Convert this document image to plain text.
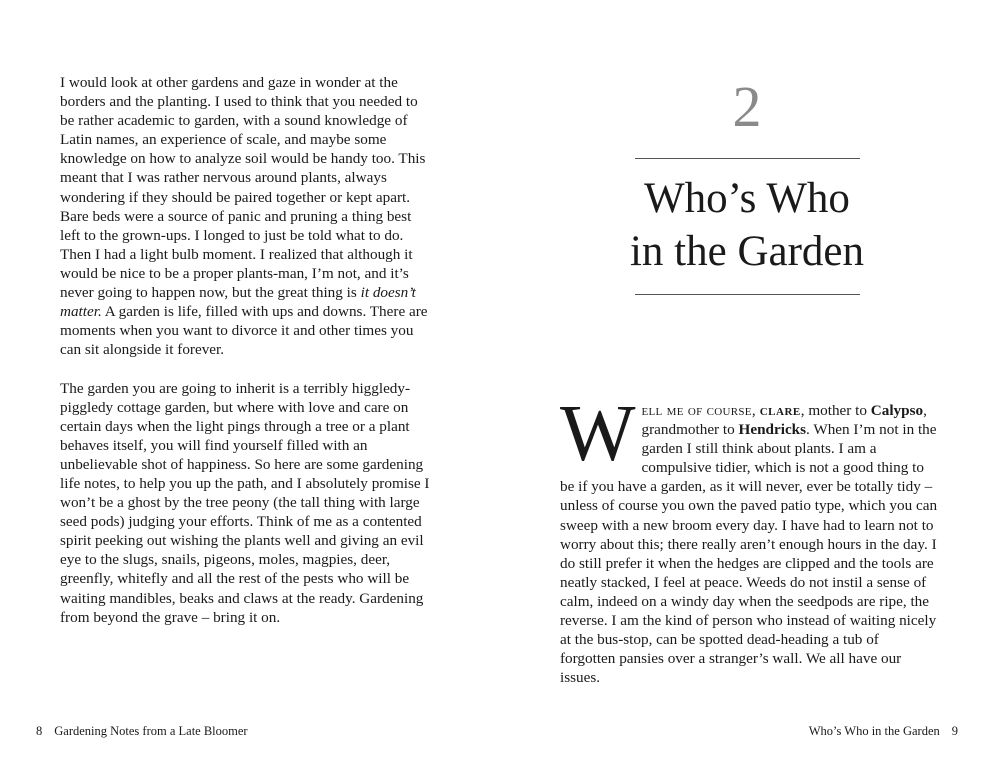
I would look at other gardens and gaze in wonder at the borders and the planting. I used to think that you needed to be rather academic to garden, with a sound knowledge of Latin names, an experience of scale, and maybe some knowledge on how to analyze soil would be handy too. This meant that I was rather nervous around plants, always wondering if they should be paired together or kept apart. Bare beds were a source of panic and pruning a thing best left to the grown-ups. I longed to just be told what to do. Then I had a light bulb moment. I realized that although it would be nice to be a proper plants-man, I’m not, and it’s never going to happen now, but the great thing is it doesn’t matter. A garden is life, filled with ups and downs. There are moments when you want to divorce it and other times you can sit alongside it forever.

The garden you are going to inherit is a terribly higgledy-piggledy cottage garden, but where with love and care on certain days when the light pings through a tree or a plant behaves itself, you will find yourself filled with an unbelievable shot of happiness. So here are some gardening life notes, to help you up the path, and I absolutely promise I won’t be a ghost by the tree peony (the tall thing with large seed pods) judging your efforts. Think of me as a contented spirit peeking out wishing the plants well and giving an evil eye to the slugs, snails, pigeons, moles, magpies, deer, greenfly, whitefly and all the rest of the pests who will be waiting mandibles, beaks and claws at the ready. Gardening from beyond the grave – bring it on.

8 Gardening Notes from a Late Bloomer
2
Who’s Who
in the Garden
Well me of course, clare, mother to Calypso, grandmother to Hendricks. When I’m not in the garden I still think about plants. I am a compulsive tidier, which is not a good thing to be if you have a garden, as it will never, ever be totally tidy – unless of course you own the paved patio type, which you can sweep with a new broom every day. I have had to learn not to worry about this; there really aren’t enough hours in the day. I do still prefer it when the hedges are clipped and the tools are neatly stacked, I feel at peace. Weeds do not instil a sense of calm, indeed on a windy day when the seedpods are ripe, the reverse. I am the kind of person who instead of waiting nicely at the bus-stop, can be spotted dead-heading a tub of forgotten pansies over a stranger’s wall. We all have our issues.
Who’s Who in the Garden 9
